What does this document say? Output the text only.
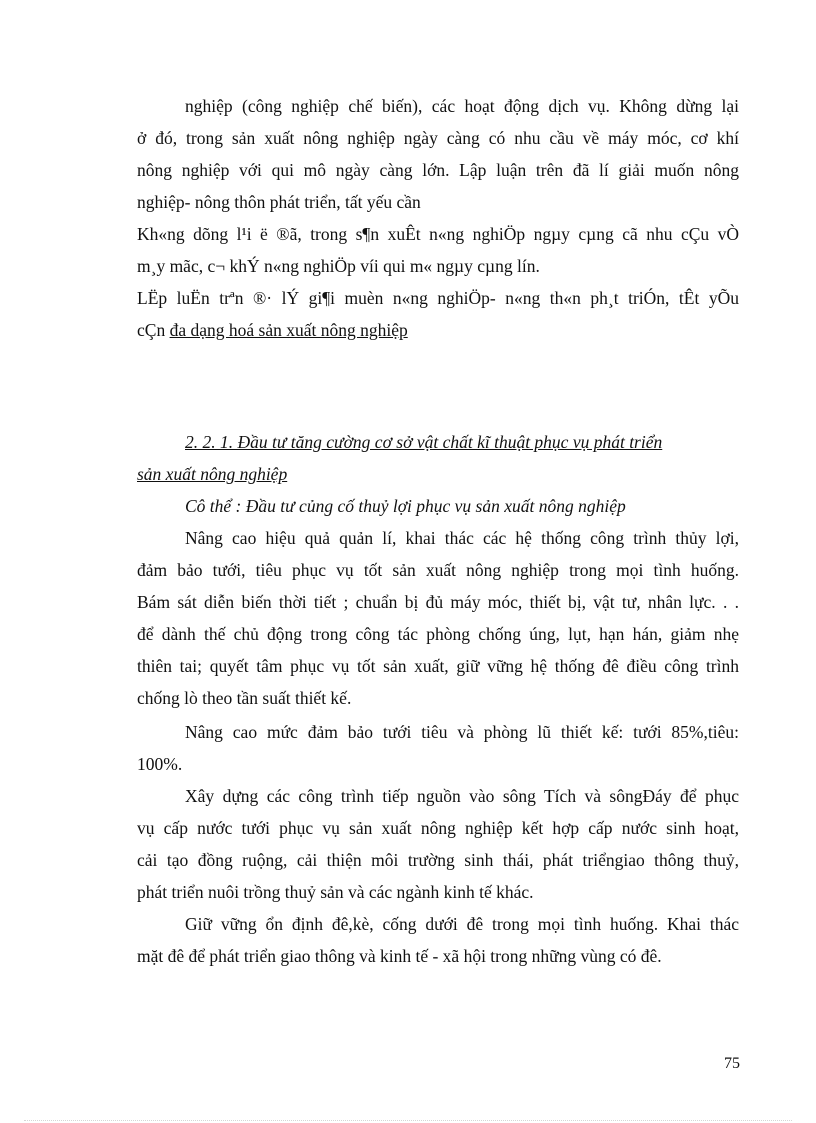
nghiệp (công nghiệp chế biến), các hoạt động dịch vụ. Không dừng lại
ở đó, trong sản xuất nông nghiệp ngày càng có nhu cầu về máy móc, cơ khí
nông nghiệp với qui mô ngày càng lớn. Lập luận trên đã lí giải muốn nông
nghiệp- nông thôn phát triển, tất yếu cần
Kh«ng dõng l¹i ë ®ã, trong s¶n xuÊt n«ng nghiÖp ngµy cµng cã nhu cÇu vÒ
m¸y mãc, c¬ khÝ n«ng nghiÖp víi qui m« ngµy cµng lín.
LËp luËn trªn ®· lÝ gi¶i muèn n«ng nghiÖp- n«ng th«n ph¸t triÓn, tÊt yÕu
cÇn đa dạng hoá sản xuất nông nghiệp
2. 2. 1. Đầu tư tăng cường cơ sở vật chất kĩ thuật phục vụ phát triển
sản xuất nông nghiệp
Cô thể : Đầu tư củng cố thuỷ lợi phục vụ sản xuất nông nghiệp
Nâng cao hiệu quả quản lí, khai thác các hệ thống công trình thủy lợi,
đảm bảo tưới, tiêu phục vụ tốt sản xuất nông nghiệp trong mọi tình huống.
Bám sát diễn biến thời tiết ; chuẩn bị đủ máy móc, thiết bị, vật tư, nhân lực. . .
để dành thế chủ động trong công tác phòng chống úng, lụt, hạn hán, giảm nhẹ
thiên tai; quyết tâm phục vụ tốt sản xuất, giữ vững hệ thống đê điều công trình
chống lò theo tần suất thiết kế.
Nâng cao mức đảm bảo tưới tiêu và phòng lũ thiết kế: tưới 85%,tiêu:
100%.
Xây dựng các công trình tiếp nguồn vào sông Tích và sôngĐáy để phục
vụ cấp nước tưới phục vụ sản xuất nông nghiệp kết hợp cấp nước sinh hoạt,
cải tạo đồng ruộng, cải thiện môi trường sinh thái, phát triểngiao thông thuỷ,
phát triển nuôi trồng thuỷ sản và các ngành kinh tế khác.
Giữ vững ổn định đê,kè, cống dưới đê trong mọi tình huống. Khai thác
mặt đê để phát triển giao thông và kinh tế - xã hội trong những vùng có đê.
75
